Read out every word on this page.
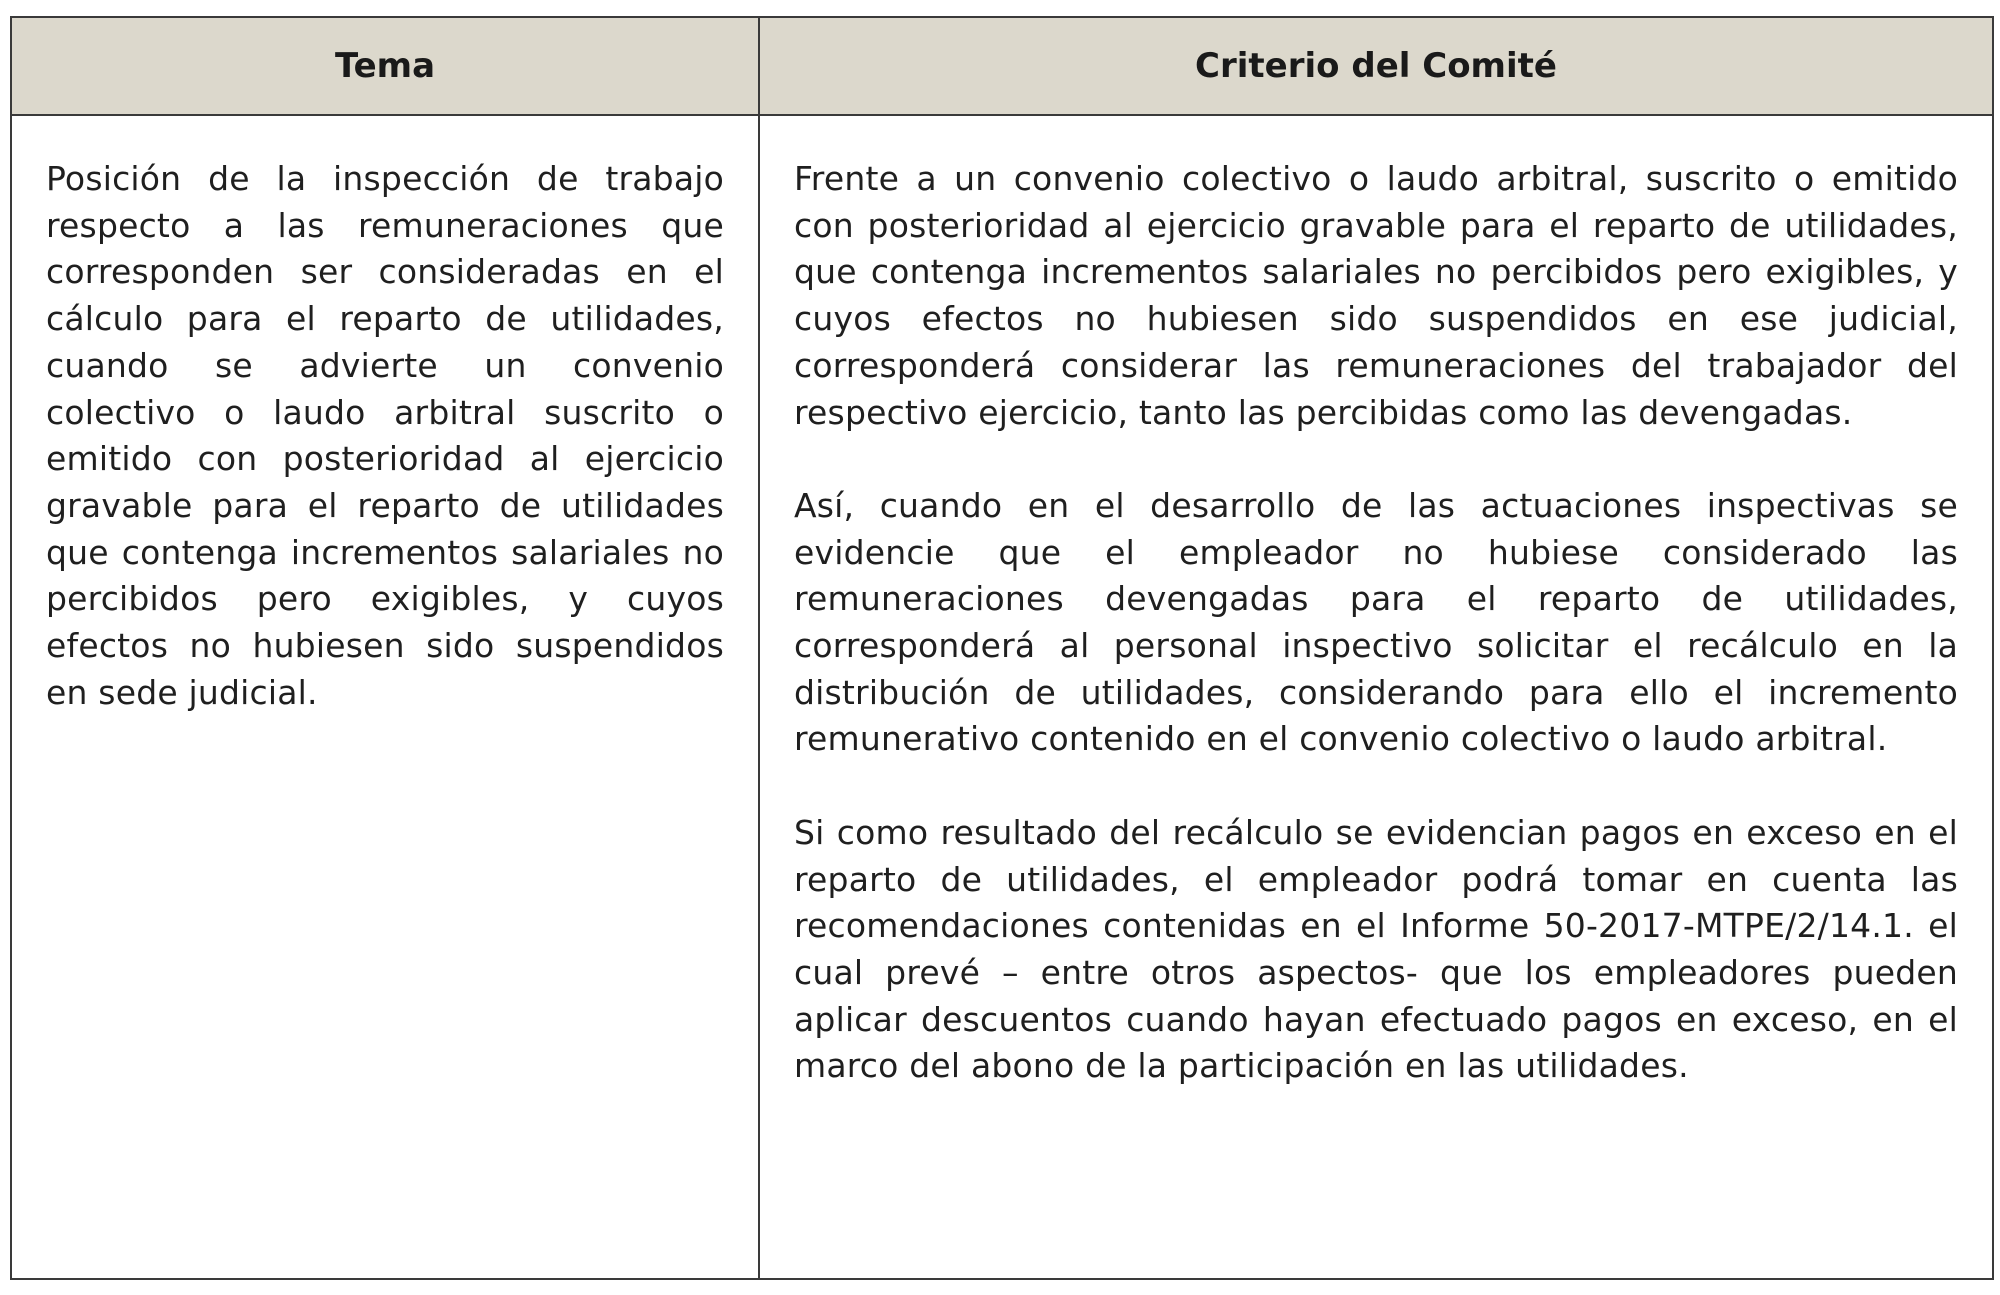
Tema	Criterio del Comité

Posición de la inspección de trabajo respecto a las remuneraciones que corresponden ser consideradas en el cálculo para el reparto de utilidades, cuando se advierte un convenio colectivo o laudo arbitral suscrito o emitido con posterioridad al ejercicio gravable para el reparto de utilidades que contenga incrementos salariales no percibidos pero exigibles, y cuyos efectos no hubiesen sido suspendidos en sede judicial.

Frente a un convenio colectivo o laudo arbitral, suscrito o emitido con posterioridad al ejercicio gravable para el reparto de utilidades, que contenga incrementos salariales no percibidos pero exigibles, y cuyos efectos no hubiesen sido suspendidos en ese judicial, corresponderá considerar las remuneraciones del trabajador del respectivo ejercicio, tanto las percibidas como las devengadas.

Así, cuando en el desarrollo de las actuaciones inspectivas se evidencie que el empleador no hubiese considerado las remuneraciones devengadas para el reparto de utilidades, corresponderá al personal inspectivo solicitar el recálculo en la distribución de utilidades, considerando para ello el incremento remunerativo contenido en el convenio colectivo o laudo arbitral.

Si como resultado del recálculo se evidencian pagos en exceso en el reparto de utilidades, el empleador podrá tomar en cuenta las recomendaciones contenidas en el Informe 50-2017-MTPE/2/14.1. el cual prevé – entre otros aspectos- que los empleadores pueden aplicar descuentos cuando hayan efectuado pagos en exceso, en el marco del abono de la participación en las utilidades.
